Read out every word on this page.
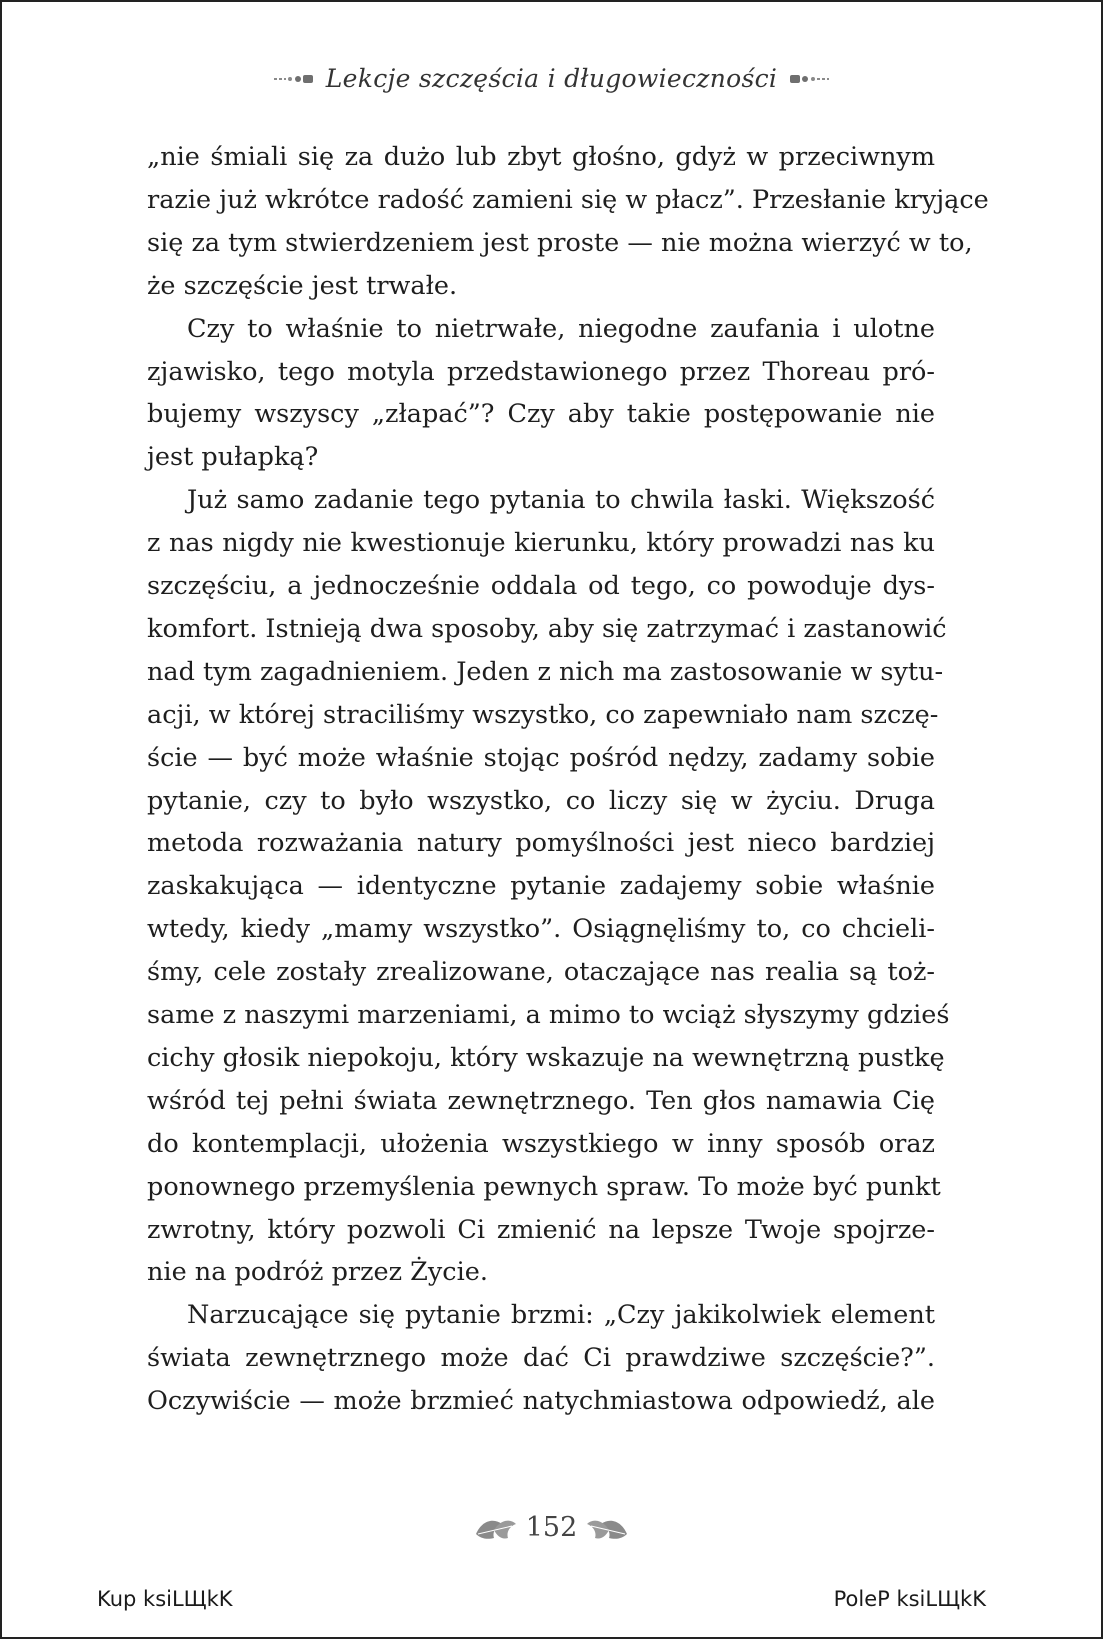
Lekcje szczęścia i długowieczności
„nie śmiali się za dużo lub zbyt głośno, gdyż w przeciwnym
razie już wkrótce radość zamieni się w płacz”. Przesłanie kryjące
się za tym stwierdzeniem jest proste — nie można wierzyć w to,
że szczęście jest trwałe.
Czy to właśnie to nietrwałe, niegodne zaufania i ulotne
zjawisko, tego motyla przedstawionego przez Thoreau pró-
bujemy wszyscy „złapać”? Czy aby takie postępowanie nie
jest pułapką?
Już samo zadanie tego pytania to chwila łaski. Większość
z nas nigdy nie kwestionuje kierunku, który prowadzi nas ku
szczęściu, a jednocześnie oddala od tego, co powoduje dys-
komfort. Istnieją dwa sposoby, aby się zatrzymać i zastanowić
nad tym zagadnieniem. Jeden z nich ma zastosowanie w sytu-
acji, w której straciliśmy wszystko, co zapewniało nam szczę-
ście — być może właśnie stojąc pośród nędzy, zadamy sobie
pytanie, czy to było wszystko, co liczy się w życiu. Druga
metoda rozważania natury pomyślności jest nieco bardziej
zaskakująca — identyczne pytanie zadajemy sobie właśnie
wtedy, kiedy „mamy wszystko”. Osiągnęliśmy to, co chcieli-
śmy, cele zostały zrealizowane, otaczające nas realia są toż-
same z naszymi marzeniami, a mimo to wciąż słyszymy gdzieś
cichy głosik niepokoju, który wskazuje na wewnętrzną pustkę
wśród tej pełni świata zewnętrznego. Ten głos namawia Cię
do kontemplacji, ułożenia wszystkiego w inny sposób oraz
ponownego przemyślenia pewnych spraw. To może być punkt
zwrotny, który pozwoli Ci zmienić na lepsze Twoje spojrze-
nie na podróż przez Życie.
Narzucające się pytanie brzmi: „Czy jakikolwiek element
świata zewnętrznego może dać Ci prawdziwe szczęście?”.
Oczywiście — może brzmieć natychmiastowa odpowiedź, ale
152
Kup ksiLЩkK	PoleP ksiLЩkK
